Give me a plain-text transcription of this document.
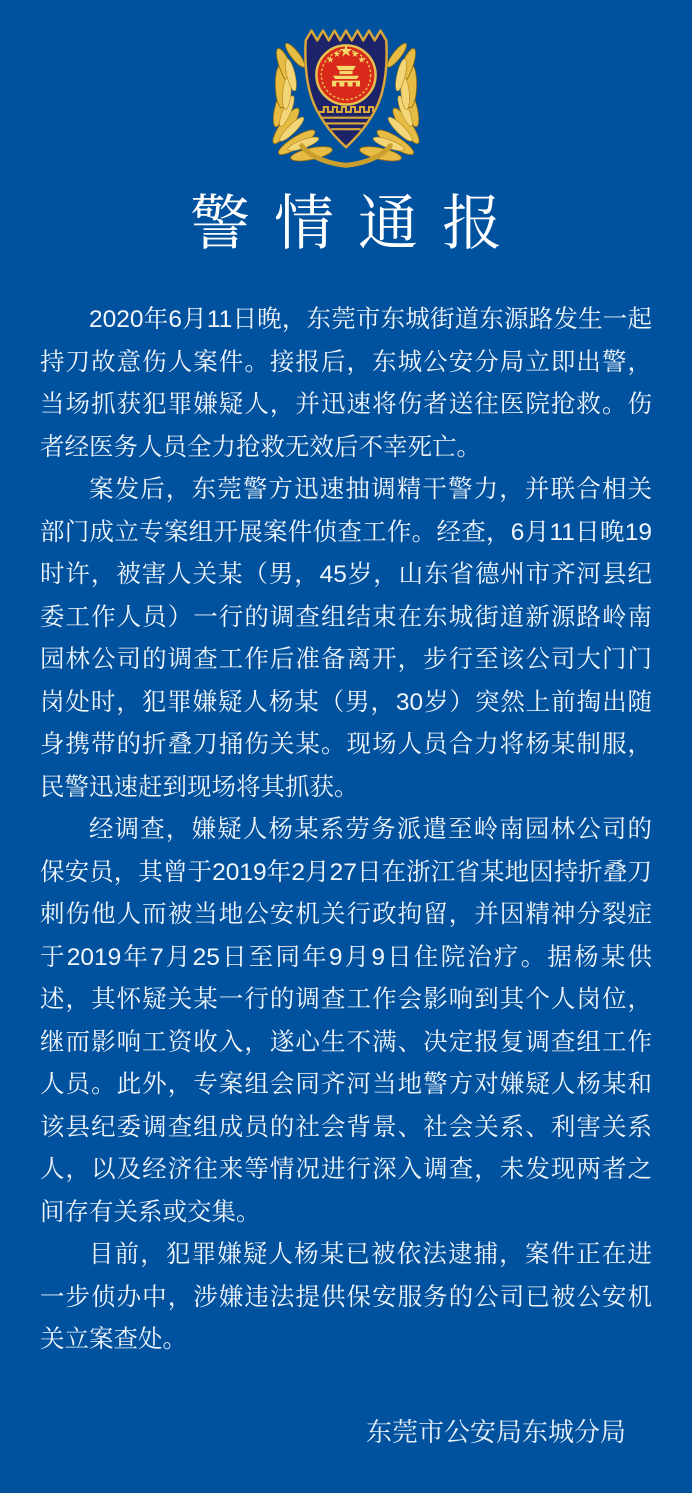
警情通报

2020年6月11日晚，东莞市东城街道东源路发生一起持刀故意伤人案件。接报后，东城公安分局立即出警，当场抓获犯罪嫌疑人，并迅速将伤者送往医院抢救。伤者经医务人员全力抢救无效后不幸死亡。

案发后，东莞警方迅速抽调精干警力，并联合相关部门成立专案组开展案件侦查工作。经查，6月11日晚19时许，被害人关某（男，45岁，山东省德州市齐河县纪委工作人员）一行的调查组结束在东城街道新源路岭南园林公司的调查工作后准备离开，步行至该公司大门门岗处时，犯罪嫌疑人杨某（男，30岁）突然上前掏出随身携带的折叠刀捅伤关某。现场人员合力将杨某制服，民警迅速赶到现场将其抓获。

经调查，嫌疑人杨某系劳务派遣至岭南园林公司的保安员，其曾于2019年2月27日在浙江省某地因持折叠刀刺伤他人而被当地公安机关行政拘留，并因精神分裂症于2019年7月25日至同年9月9日住院治疗。据杨某供述，其怀疑关某一行的调查工作会影响到其个人岗位，继而影响工资收入，遂心生不满、决定报复调查组工作人员。此外，专案组会同齐河当地警方对嫌疑人杨某和该县纪委调查组成员的社会背景、社会关系、利害关系人，以及经济往来等情况进行深入调查，未发现两者之间存有关系或交集。

目前，犯罪嫌疑人杨某已被依法逮捕，案件正在进一步侦办中，涉嫌违法提供保安服务的公司已被公安机关立案查处。

东莞市公安局东城分局
